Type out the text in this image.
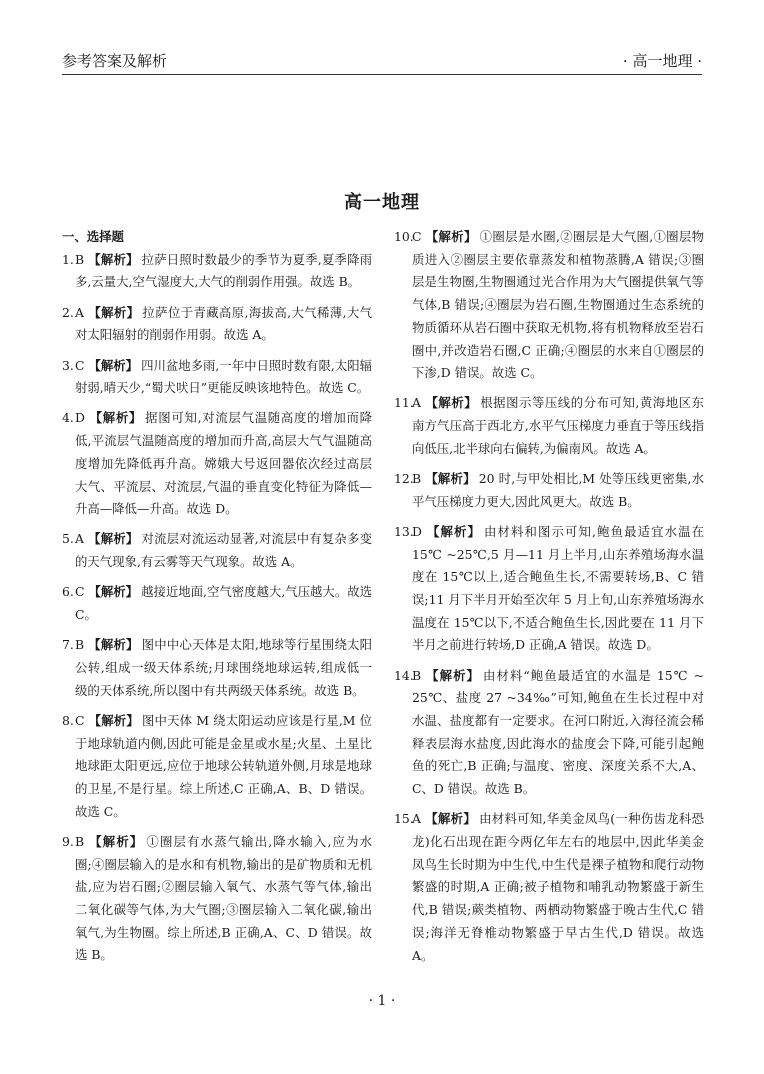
参考答案及解析	· 高一地理 ·
高一地理
一、选择题
1. B 【解析】 拉萨日照时数最少的季节为夏季,夏季降雨多,云量大,空气湿度大,大气的削弱作用强。故选 B。
2. A 【解析】 拉萨位于青藏高原,海拔高,大气稀薄,大气对太阳辐射的削弱作用弱。故选 A。
3. C 【解析】 四川盆地多雨,一年中日照时数有限,太阳辐射弱,晴天少,“蜀犬吠日”更能反映该地特色。故选 C。
4. D 【解析】 据图可知,对流层气温随高度的增加而降低,平流层气温随高度的增加而升高,高层大气气温随高度增加先降低再升高。嫦娥大号返回器依次经过高层大气、平流层、对流层,气温的垂直变化特征为降低—升高—降低—升高。故选 D。
5. A 【解析】 对流层对流运动显著,对流层中有复杂多变的天气现象,有云雾等天气现象。故选 A。
6. C 【解析】 越接近地面,空气密度越大,气压越大。故选 C。
7. B 【解析】 图中中心天体是太阳,地球等行星围绕太阳公转,组成一级天体系统;月球围绕地球运转,组成低一级的天体系统,所以图中有共两级天体系统。故选 B。
8. C 【解析】 图中天体 M 绕太阳运动应该是行星,M 位于地球轨道内侧,因此可能是金星或水星;火星、土星比地球距太阳更远,应位于地球公转轨道外侧,月球是地球的卫星,不是行星。综上所述,C 正确,A、B、D 错误。故选 C。
9. B 【解析】 ①圈层有水蒸气输出,降水输入,应为水圈;④圈层输入的是水和有机物,输出的是矿物质和无机盐,应为岩石圈;②圈层输入氧气、水蒸气等气体,输出二氧化碳等气体,为大气圈;③圈层输入二氧化碳,输出氧气,为生物圈。综上所述,B 正确,A、C、D 错误。故选 B。
10.
C 【解析】 ①圈层是水圈,②圈层是大气圈,①圈层物质进入②圈层主要依靠蒸发和植物蒸腾,A 错误;③圈层是生物圈,生物圈通过光合作用为大气圈提供氧气等气体,B 错误;④圈层为岩石圈,生物圈通过生态系统的物质循环从岩石圈中获取无机物,将有机物释放至岩石圈中,并改造岩石圈,C 正确;④圈层的水来自①圈层的下渗,D 错误。故选 C。
11.
A 【解析】 根据图示等压线的分布可知,黄海地区东南方气压高于西北方,水平气压梯度力垂直于等压线指向低压,北半球向右偏转,为偏南风。故选 A。
12.
B 【解析】 20 时,与甲处相比,M 处等压线更密集,水平气压梯度力更大,因此风更大。故选 B。
13.
D 【解析】 由材料和图示可知,鲍鱼最适宜水温在 15℃ ~25℃,5 月—11 月上半月,山东养殖场海水温度在 15℃以上,适合鲍鱼生长,不需要转场,B、C 错误;11 月下半月开始至次年 5 月上旬,山东养殖场海水温度在 15℃以下,不适合鲍鱼生长,因此要在 11 月下半月之前进行转场,D 正确,A 错误。故选 D。
14.
B 【解析】 由材料“鲍鱼最适宜的水温是 15℃ ~ 25℃、盐度 27 ~34‰”可知,鲍鱼在生长过程中对水温、盐度都有一定要求。在河口附近,入海径流会稀释表层海水盐度,因此海水的盐度会下降,可能引起鲍鱼的死亡,B 正确;与温度、密度、深度关系不大,A、C、D 错误。故选 B。
15.
A 【解析】 由材料可知,华美金凤鸟(一种伤齿龙科恐龙)化石出现在距今两亿年左右的地层中,因此华美金凤鸟生长时期为中生代,中生代是裸子植物和爬行动物繁盛的时期,A 正确;被子植物和哺乳动物繁盛于新生代,B 错误;蕨类植物、两栖动物繁盛于晚古生代,C 错误;海洋无脊椎动物繁盛于早古生代,D 错误。故选 A。
· 1 ·
